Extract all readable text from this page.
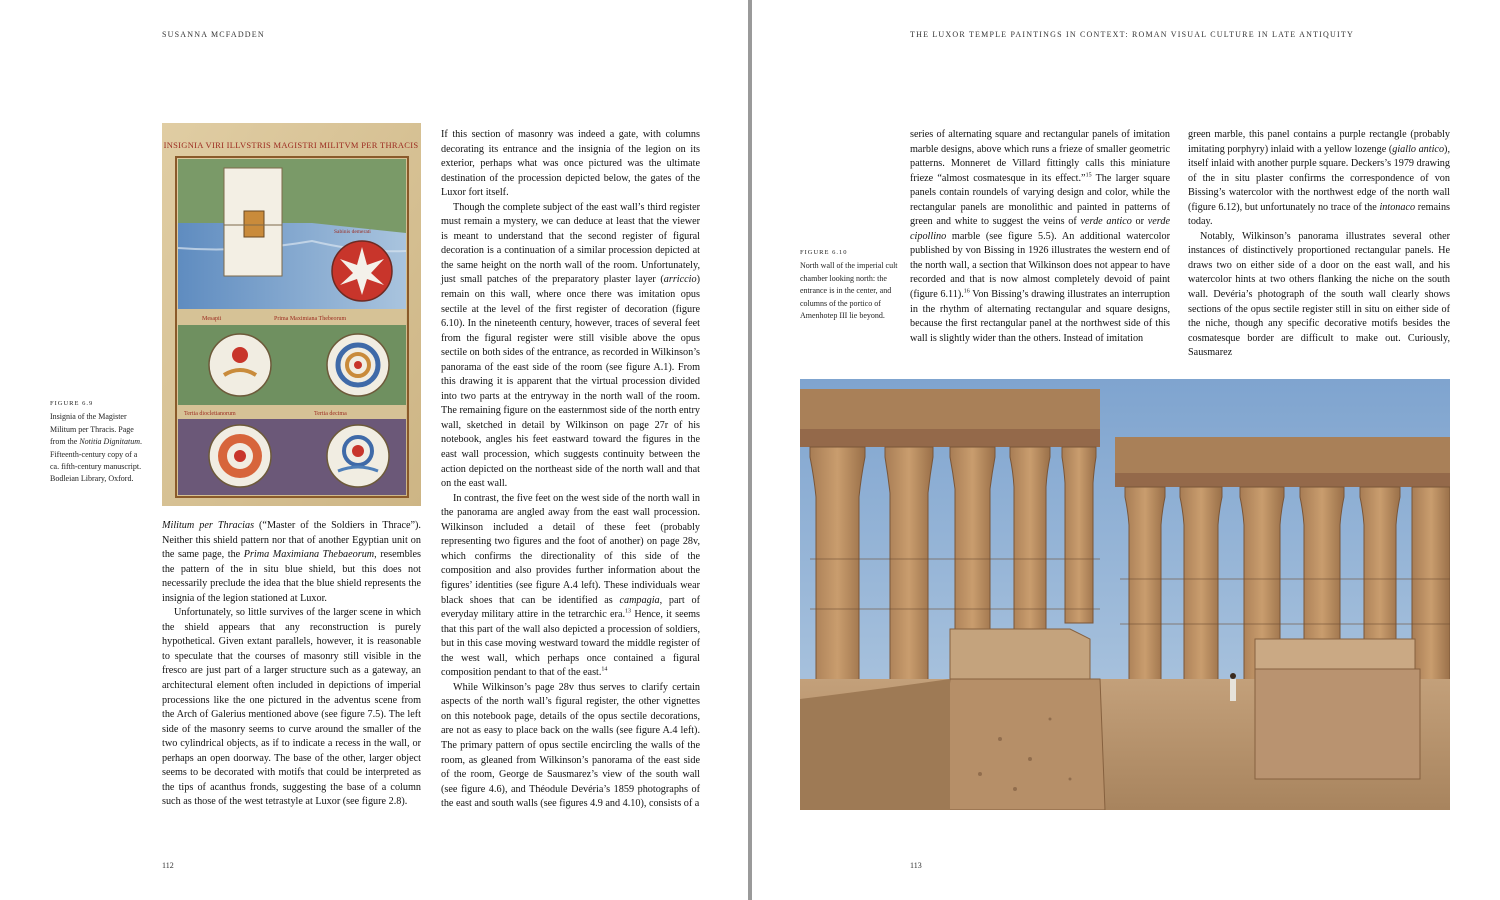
SUSANNA MCFADDEN
INSIGNIA VIRI ILLVSTRIS MAGISTRI MILITVM PER THRACIS
Sabinis demerati
Mesapii	Prima Maximiana Thebeorum
Tertia diocletianorum	Tertia decima
FIGURE 6.9
Insignia of the Magister Militum per Thracis. Page from the Notitia Dignitatum. Fifteenth-century copy of a ca. fifth-century manuscript. Bodleian Library, Oxford.

Militum per Thracias (“Master of the Soldiers in Thrace”). Neither this shield pattern nor that of another Egyptian unit on the same page, the Prima Maximiana Thebaeorum, resembles the pattern of the in situ blue shield, but this does not necessarily preclude the idea that the blue shield represents the insignia of the legion stationed at Luxor.

Unfortunately, so little survives of the larger scene in which the shield appears that any reconstruction is purely hypothetical. Given extant parallels, however, it is reasonable to speculate that the courses of masonry still visible in the fresco are just part of a larger structure such as a gateway, an architectural element often included in depictions of imperial processions like the one pictured in the adventus scene from the Arch of Galerius mentioned above (see figure 7.5). The left side of the masonry seems to curve around the smaller of the two cylindrical objects, as if to indicate a recess in the wall, or perhaps an open doorway. The base of the other, larger object seems to be decorated with motifs that could be interpreted as the tips of acanthus fronds, suggesting the base of a column such as those of the west tetrastyle at Luxor (see figure 2.8).

If this section of masonry was indeed a gate, with columns decorating its entrance and the insignia of the legion on its exterior, perhaps what was once pictured was the ultimate destination of the procession depicted below, the gates of the Luxor fort itself.

Though the complete subject of the east wall’s third register must remain a mystery, we can deduce at least that the viewer is meant to understand that the second register of figural decoration is a continuation of a similar procession depicted at the same height on the north wall of the room. Unfortunately, just small patches of the preparatory plaster layer (arriccio) remain on this wall, where once there was imitation opus sectile at the level of the first register of decoration (figure 6.10). In the nineteenth century, however, traces of several feet from the figural register were still visible above the opus sectile on both sides of the entrance, as recorded in Wilkinson’s panorama of the east side of the room (see figure A.1). From this drawing it is apparent that the virtual procession divided into two parts at the entryway in the north wall of the room. The remaining figure on the easternmost side of the north entry wall, sketched in detail by Wilkinson on page 27r of his notebook, angles his feet eastward toward the figures in the east wall procession, which suggests continuity between the action depicted on the northeast side of the north wall and that on the east wall.

In contrast, the five feet on the west side of the north wall in the panorama are angled away from the east wall procession. Wilkinson included a detail of these feet (probably representing two figures and the foot of another) on page 28v, which confirms the directionality of this side of the composition and also provides further information about the figures’ identities (see figure A.4 left). These individuals wear black shoes that can be identified as campagia, part of everyday military attire in the tetrarchic era.$^{13}$ Hence, it seems that this part of the wall also depicted a procession of soldiers, but in this case moving westward toward the middle register of the west wall, which perhaps once contained a figural composition pendant to that of the east.$^{14}$

While Wilkinson’s page 28v thus serves to clarify certain aspects of the north wall’s figural register, the other vignettes on this notebook page, details of the opus sectile decorations, are not as easy to place back on the walls (see figure A.4 left). The primary pattern of opus sectile encircling the walls of the room, as gleaned from Wilkinson’s panorama of the east side of the room, George de Sausmarez’s view of the south wall (see figure 4.6), and Théodule Devéria’s 1859 photographs of the east and south walls (see figures 4.9 and 4.10), consists of a

112
THE LUXOR TEMPLE PAINTINGS IN CONTEXT: ROMAN VISUAL CULTURE IN LATE ANTIQUITY
FIGURE 6.10
North wall of the imperial cult chamber looking north: the entrance is in the center, and columns of the portico of Amenhotep III lie beyond.

series of alternating square and rectangular panels of imitation marble designs, above which runs a frieze of smaller geometric patterns. Monneret de Villard fittingly calls this miniature frieze “almost cosmatesque in its effect.”$^{15}$ The larger square panels contain roundels of varying design and color, while the rectangular panels are monolithic and painted in patterns of green and white to suggest the veins of verde antico or verde cipollino marble (see figure 5.5). An additional watercolor published by von Bissing in 1926 illustrates the western end of the north wall, a section that Wilkinson does not appear to have recorded and that is now almost completely devoid of paint (figure 6.11).$^{16}$ Von Bissing’s drawing illustrates an interruption in the rhythm of alternating rectangular and square designs, because the first rectangular panel at the northwest side of this wall is slightly wider than the others. Instead of imitation

green marble, this panel contains a purple rectangle (probably imitating porphyry) inlaid with a yellow lozenge (giallo antico), itself inlaid with another purple square. Deckers’s 1979 drawing of the in situ plaster confirms the correspondence of von Bissing’s watercolor with the northwest edge of the north wall (figure 6.12), but unfortunately no trace of the intonaco remains today.

Notably, Wilkinson’s panorama illustrates several other instances of distinctively proportioned rectangular panels. He draws two on either side of a door on the east wall, and his watercolor hints at two others flanking the niche on the south wall. Devéria’s photograph of the south wall clearly shows sections of the opus sectile register still in situ on either side of the niche, though any specific decorative motifs besides the cosmatesque border are difficult to make out. Curiously, Sausmarez

113
